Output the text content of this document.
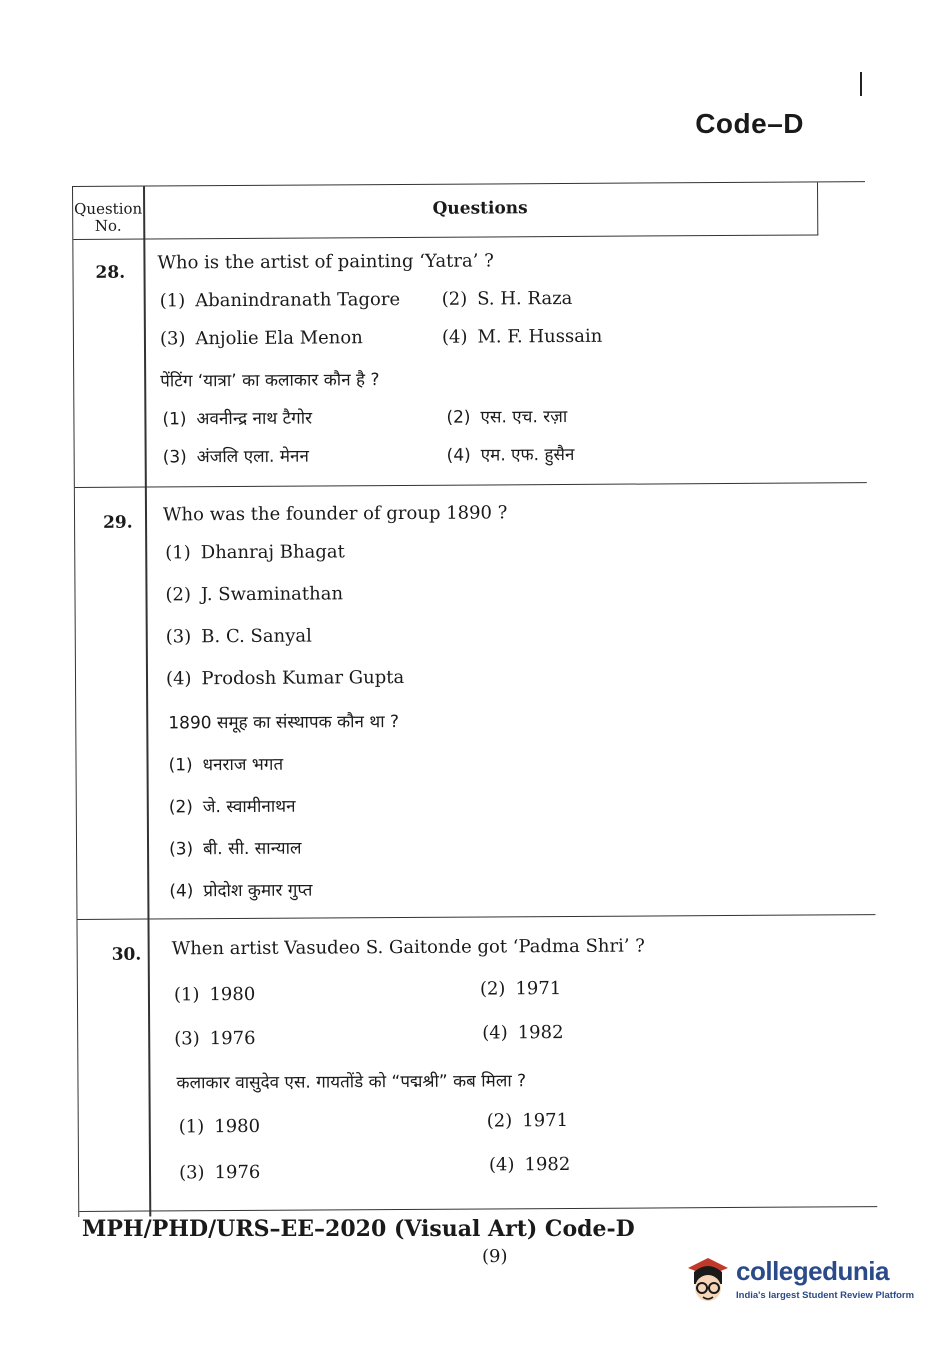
Code–D
Question
No.
Questions
28. Who is the artist of painting ‘Yatra’ ?
(1) Abanindranath Tagore (2) S. H. Raza
(3) Anjolie Ela Menon	(4) M. F. Hussain
पेंटिंग ‘यात्रा’ का कलाकार कौन है ?
(1) अवनीन्द्र नाथ टैगोर	(2) एस. एच. रज़ा
(3) अंजलि एला. मेनन	(4) एम. एफ. हुसैन
29. Who was the founder of group 1890 ?
(1) Dhanraj Bhagat
(2) J. Swaminathan
(3) B. C. Sanyal
(4) Prodosh Kumar Gupta
1890 समूह का संस्थापक कौन था ?
(1) धनराज भगत
(2) जे. स्वामीनाथन
(3) बी. सी. सान्याल
(4) प्रोदोश कुमार गुप्त
30. When artist Vasudeo S. Gaitonde got ‘Padma Shri’ ?
(1) 1980	(2) 1971
(3) 1976	(4) 1982
कलाकार वासुदेव एस. गायतोंडे को “पद्मश्री” कब मिला ?
(1) 1980	(2) 1971
(3) 1976	(4) 1982
MPH/PHD/URS–EE–2020 (Visual Art) Code-D
(9)	collegedunia
India's largest Student Review Platform
